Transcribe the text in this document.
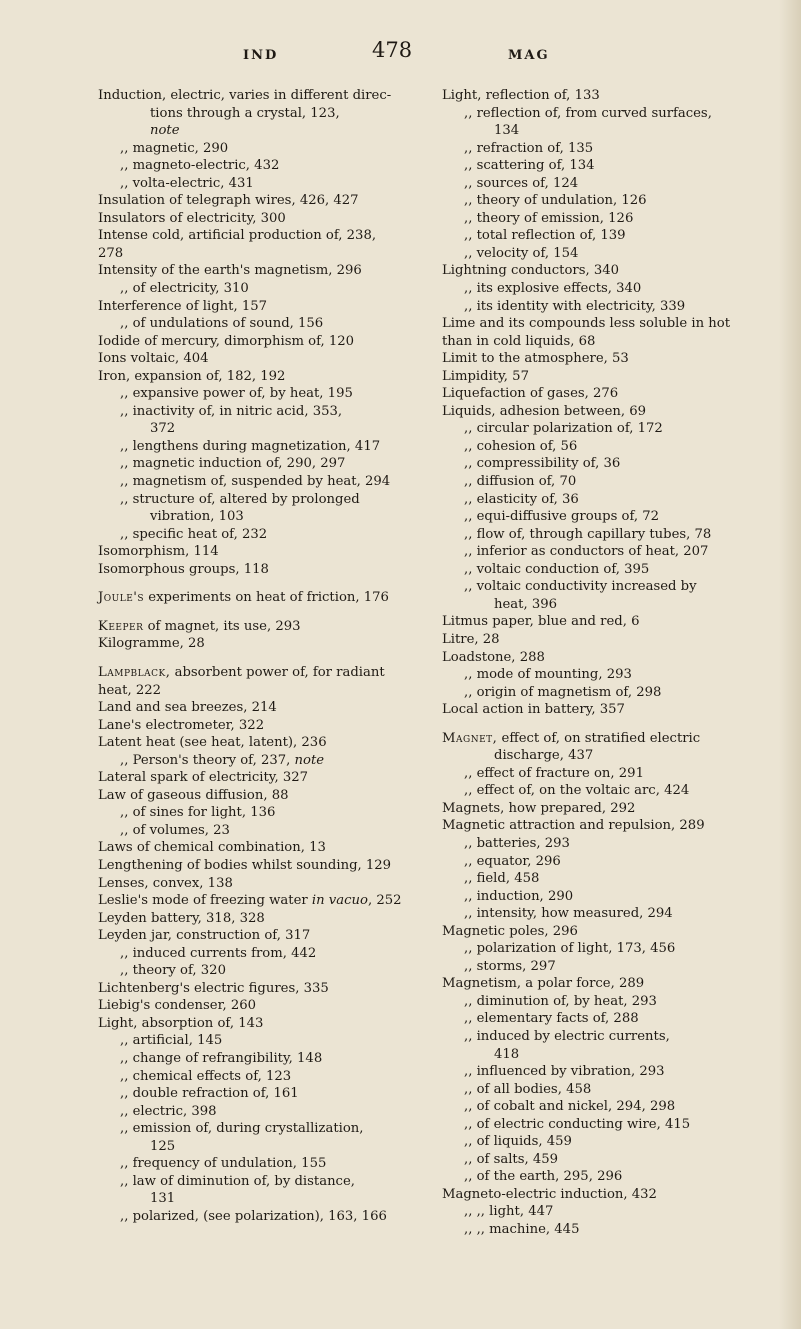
IND	478	MAG
Induction, electric, varies in different direc-
tions through a crystal, 123,
note
,, magnetic, 290
,, magneto-electric, 432
,, volta-electric, 431
Insulation of telegraph wires, 426, 427
Insulators of electricity, 300
Intense cold, artificial production of, 238,
278
Intensity of the earth's magnetism, 296
,, of electricity, 310
Interference of light, 157
,, of undulations of sound, 156
Iodide of mercury, dimorphism of, 120
Ions voltaic, 404
Iron, expansion of, 182, 192
,, expansive power of, by heat, 195
,, inactivity of, in nitric acid, 353,
372
,, lengthens during magnetization, 417
,, magnetic induction of, 290, 297
,, magnetism of, suspended by heat, 294
,, structure of, altered by prolonged
vibration, 103
,, specific heat of, 232
Isomorphism, 114
Isomorphous groups, 118
Joule's experiments on heat of friction, 176
Keeper of magnet, its use, 293
Kilogramme, 28
Lampblack, absorbent power of, for radiant
heat, 222
Land and sea breezes, 214
Lane's electrometer, 322
Latent heat (see heat, latent), 236
,, Person's theory of, 237, note
Lateral spark of electricity, 327
Law of gaseous diffusion, 88
,, of sines for light, 136
,, of volumes, 23
Laws of chemical combination, 13
Lengthening of bodies whilst sounding, 129
Lenses, convex, 138
Leslie's mode of freezing water in vacuo, 252
Leyden battery, 318, 328
Leyden jar, construction of, 317
,, induced currents from, 442
,, theory of, 320
Lichtenberg's electric figures, 335
Liebig's condenser, 260
Light, absorption of, 143
,, artificial, 145
,, change of refrangibility, 148
,, chemical effects of, 123
,, double refraction of, 161
,, electric, 398
,, emission of, during crystallization,
125
,, frequency of undulation, 155
,, law of diminution of, by distance,
131
,, polarized, (see polarization), 163, 166
Light, reflection of, 133
,, reflection of, from curved surfaces,
134
,, refraction of, 135
,, scattering of, 134
,, sources of, 124
,, theory of undulation, 126
,, theory of emission, 126
,, total reflection of, 139
,, velocity of, 154
Lightning conductors, 340
,, its explosive effects, 340
,, its identity with electricity, 339
Lime and its compounds less soluble in hot
than in cold liquids, 68
Limit to the atmosphere, 53
Limpidity, 57
Liquefaction of gases, 276
Liquids, adhesion between, 69
,, circular polarization of, 172
,, cohesion of, 56
,, compressibility of, 36
,, diffusion of, 70
,, elasticity of, 36
,, equi-diffusive groups of, 72
,, flow of, through capillary tubes, 78
,, inferior as conductors of heat, 207
,, voltaic conduction of, 395
,, voltaic conductivity increased by
heat, 396
Litmus paper, blue and red, 6
Litre, 28
Loadstone, 288
,, mode of mounting, 293
,, origin of magnetism of, 298
Local action in battery, 357
Magnet, effect of, on stratified electric
discharge, 437
,, effect of fracture on, 291
,, effect of, on the voltaic arc, 424
Magnets, how prepared, 292
Magnetic attraction and repulsion, 289
,, batteries, 293
,, equator, 296
,, field, 458
,, induction, 290
,, intensity, how measured, 294
Magnetic poles, 296
,, polarization of light, 173, 456
,, storms, 297
Magnetism, a polar force, 289
,, diminution of, by heat, 293
,, elementary facts of, 288
,, induced by electric currents,
418
,, influenced by vibration, 293
,, of all bodies, 458
,, of cobalt and nickel, 294, 298
,, of electric conducting wire, 415
,, of liquids, 459
,, of salts, 459
,, of the earth, 295, 296
Magneto-electric induction, 432
,, ,, light, 447
,, ,, machine, 445
